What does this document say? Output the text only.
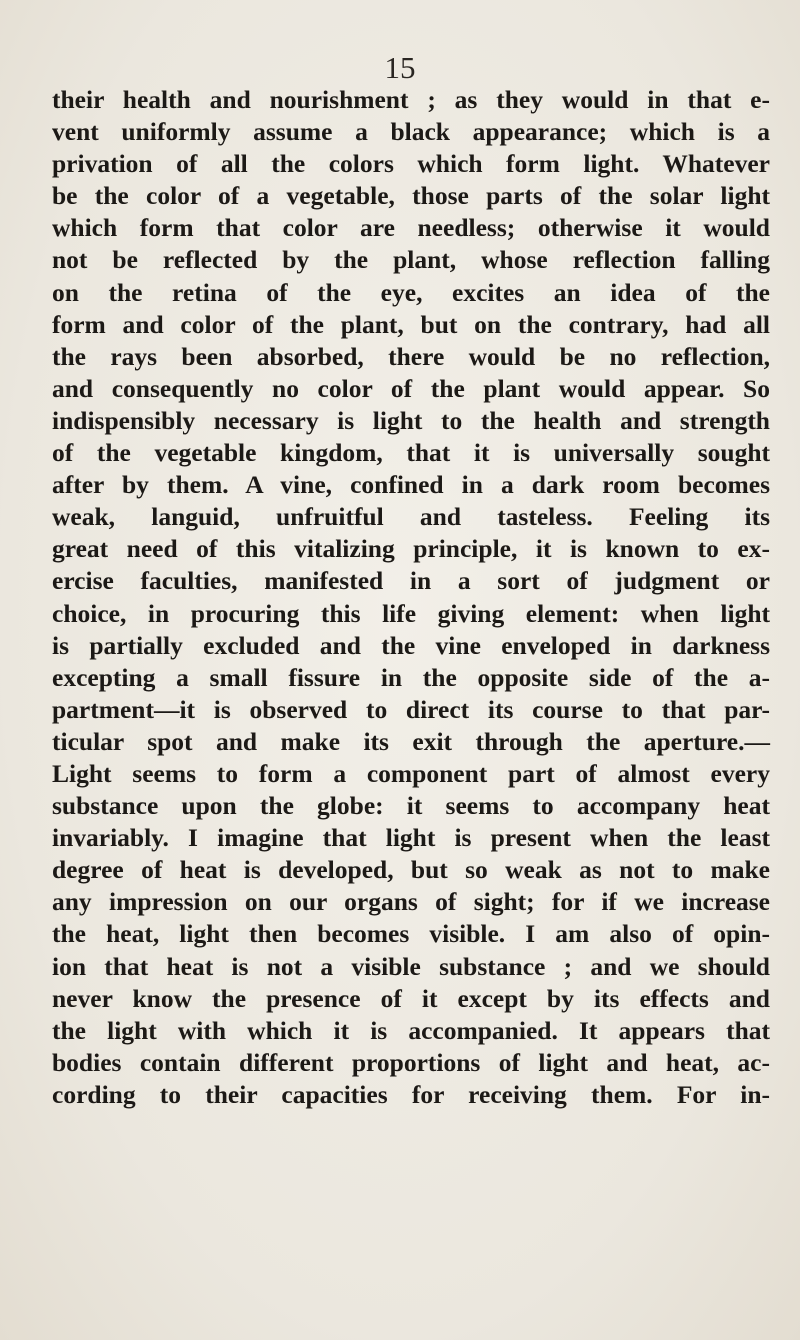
15
their health and nourishment ; as they would in that e-
vent uniformly assume a black appearance; which is a
privation of all the colors which form light. Whatever
be the color of a vegetable, those parts of the solar light
which form that color are needless; otherwise it would
not be reflected by the plant, whose reflection falling
on the retina of the eye, excites an idea of the
form and color of the plant, but on the contrary, had all
the rays been absorbed, there would be no reflection,
and consequently no color of the plant would appear. So
indispensibly necessary is light to the health and strength
of the vegetable kingdom, that it is universally sought
after by them. A vine, confined in a dark room becomes
weak, languid, unfruitful and tasteless. Feeling its
great need of this vitalizing principle, it is known to ex-
ercise faculties, manifested in a sort of judgment or
choice, in procuring this life giving element: when light
is partially excluded and the vine enveloped in darkness
excepting a small fissure in the opposite side of the a-
partment—it is observed to direct its course to that par-
ticular spot and make its exit through the aperture.—
Light seems to form a component part of almost every
substance upon the globe: it seems to accompany heat
invariably. I imagine that light is present when the least
degree of heat is developed, but so weak as not to make
any impression on our organs of sight; for if we increase
the heat, light then becomes visible. I am also of opin-
ion that heat is not a visible substance ; and we should
never know the presence of it except by its effects and
the light with which it is accompanied. It appears that
bodies contain different proportions of light and heat, ac-
cording to their capacities for receiving them. For in-
